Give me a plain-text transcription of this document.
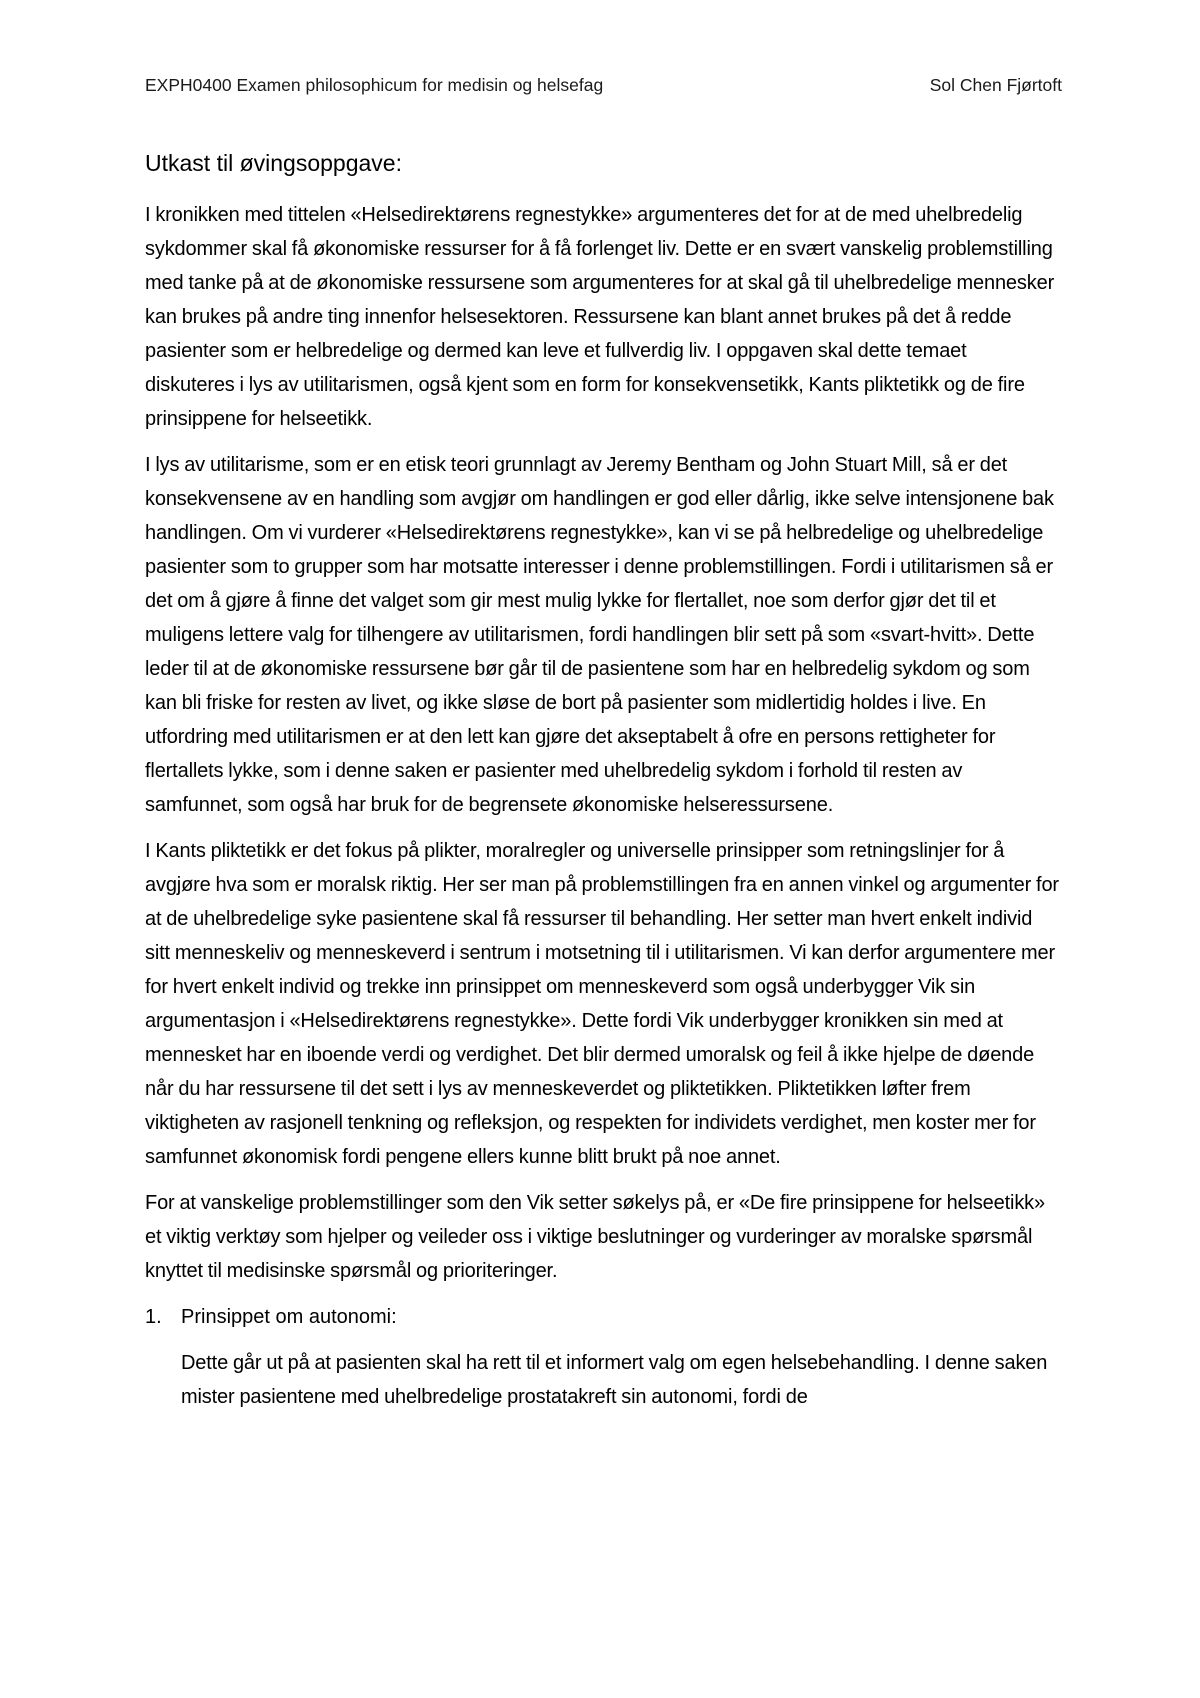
EXPH0400 Examen philosophicum for medisin og helsefag	Sol Chen Fjørtoft
Utkast til øvingsoppgave:

I kronikken med tittelen «Helsedirektørens regnestykke» argumenteres det for at de med uhelbredelig sykdommer skal få økonomiske ressurser for å få forlenget liv. Dette er en svært vanskelig problemstilling med tanke på at de økonomiske ressursene som argumenteres for at skal gå til uhelbredelige mennesker kan brukes på andre ting innenfor helsesektoren. Ressursene kan blant annet brukes på det å redde pasienter som er helbredelige og dermed kan leve et fullverdig liv. I oppgaven skal dette temaet diskuteres i lys av utilitarismen, også kjent som en form for konsekvensetikk, Kants pliktetikk og de fire prinsippene for helseetikk.

I lys av utilitarisme, som er en etisk teori grunnlagt av Jeremy Bentham og John Stuart Mill, så er det konsekvensene av en handling som avgjør om handlingen er god eller dårlig, ikke selve intensjonene bak handlingen. Om vi vurderer «Helsedirektørens regnestykke», kan vi se på helbredelige og uhelbredelige pasienter som to grupper som har motsatte interesser i denne problemstillingen. Fordi i utilitarismen så er det om å gjøre å finne det valget som gir mest mulig lykke for flertallet, noe som derfor gjør det til et muligens lettere valg for tilhengere av utilitarismen, fordi handlingen blir sett på som «svart-hvitt». Dette leder til at de økonomiske ressursene bør går til de pasientene som har en helbredelig sykdom og som kan bli friske for resten av livet, og ikke sløse de bort på pasienter som midlertidig holdes i live. En utfordring med utilitarismen er at den lett kan gjøre det akseptabelt å ofre en persons rettigheter for flertallets lykke, som i denne saken er pasienter med uhelbredelig sykdom i forhold til resten av samfunnet, som også har bruk for de begrensete økonomiske helseressursene.

I Kants pliktetikk er det fokus på plikter, moralregler og universelle prinsipper som retningslinjer for å avgjøre hva som er moralsk riktig. Her ser man på problemstillingen fra en annen vinkel og argumenter for at de uhelbredelige syke pasientene skal få ressurser til behandling. Her setter man hvert enkelt individ sitt menneskeliv og menneskeverd i sentrum i motsetning til i utilitarismen. Vi kan derfor argumentere mer for hvert enkelt individ og trekke inn prinsippet om menneskeverd som også underbygger Vik sin argumentasjon i «Helsedirektørens regnestykke». Dette fordi Vik underbygger kronikken sin med at mennesket har en iboende verdi og verdighet. Det blir dermed umoralsk og feil å ikke hjelpe de døende når du har ressursene til det sett i lys av menneskeverdet og pliktetikken. Pliktetikken løfter frem viktigheten av rasjonell tenkning og refleksjon, og respekten for individets verdighet, men koster mer for samfunnet økonomisk fordi pengene ellers kunne blitt brukt på noe annet.

For at vanskelige problemstillinger som den Vik setter søkelys på, er «De fire prinsippene for helseetikk» et viktig verktøy som hjelper og veileder oss i viktige beslutninger og vurderinger av moralske spørsmål knyttet til medisinske spørsmål og prioriteringer.

1. Prinsippet om autonomi:

Dette går ut på at pasienten skal ha rett til et informert valg om egen helsebehandling. I denne saken mister pasientene med uhelbredelige prostatakreft sin autonomi, fordi de
